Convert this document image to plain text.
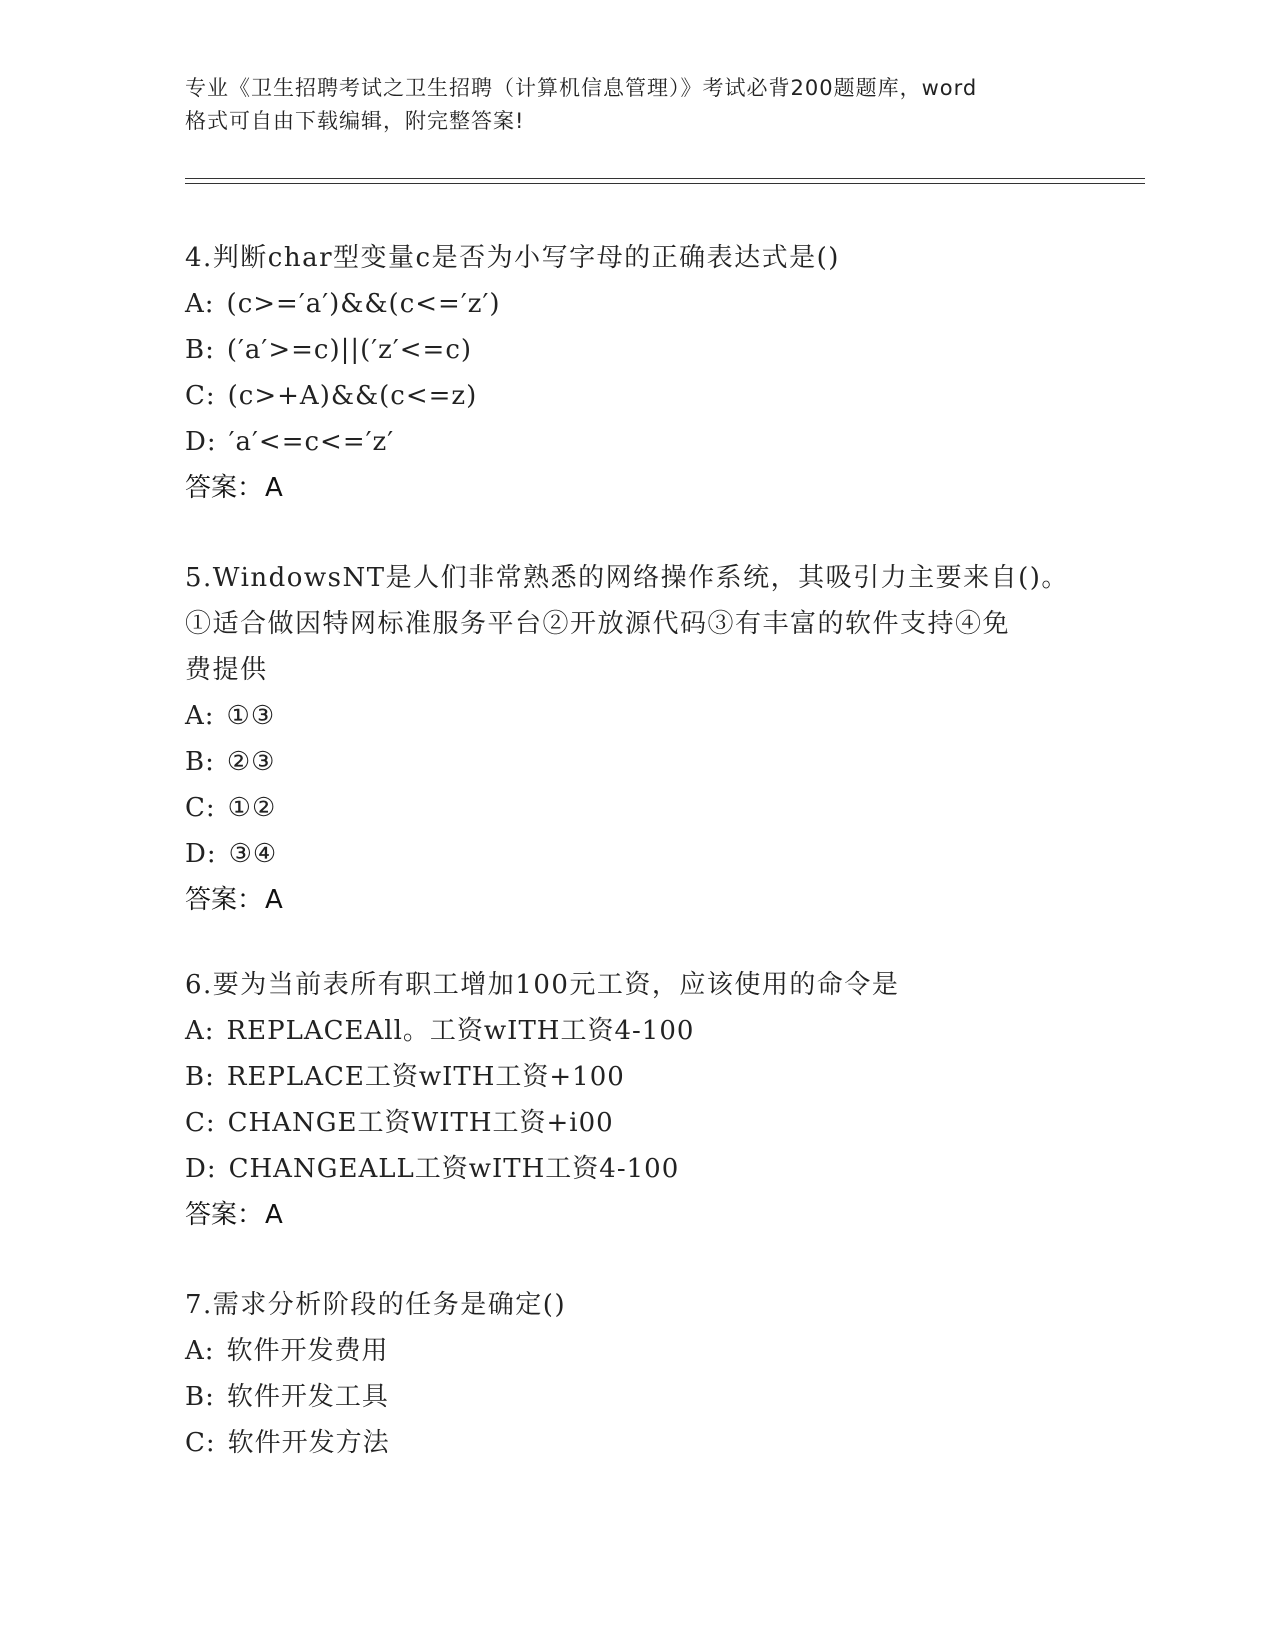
专业《卫生招聘考试之卫生招聘（计算机信息管理）》考试必背200题题库，word
格式可自由下载编辑，附完整答案!

4.判断char型变量c是否为小写字母的正确表达式是()

A: (c>=′a′)&&(c<=′z′)

B: (′a′>=c)||(′z′<=c)

C: (c>+A)&&(c<=z)

D: ′a′<=c<=′z′

答案：A

5.WindowsNT是人们非常熟悉的网络操作系统，其吸引力主要来自()。

①适合做因特网标准服务平台②开放源代码③有丰富的软件支持④免

费提供

A: ①③

B: ②③

C: ①②

D: ③④

答案：A

6.要为当前表所有职工增加100元工资，应该使用的命令是

A: REPLACEAll。工资wITH工资4-100

B: REPLACE工资wITH工资+100

C: CHANGE工资WITH工资+i00

D: CHANGEALL工资wITH工资4-100

答案：A

7.需求分析阶段的任务是确定()

A: 软件开发费用

B: 软件开发工具

C: 软件开发方法
